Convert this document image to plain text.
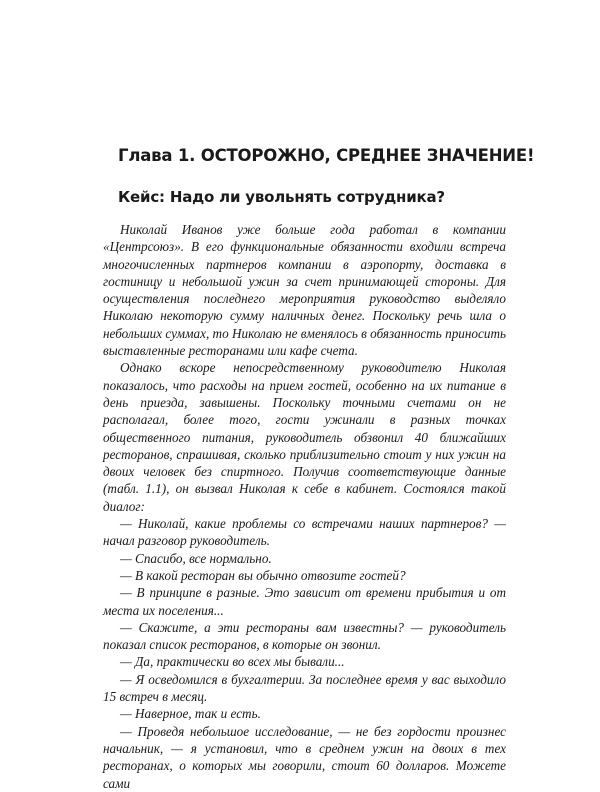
Глава 1. ОСТОРОЖНО, СРЕДНЕЕ ЗНАЧЕНИЕ!
Кейс: Надо ли увольнять сотрудника?

Николай Иванов уже больше года работал в компании «Центрсоюз». В его функциональные обязанности входили встреча многочисленных партнеров компании в аэропорту, доставка в гостиницу и небольшой ужин за счет принимающей стороны. Для осуществления последнего мероприятия руководство выделяло Николаю некоторую сумму наличных денег. Поскольку речь шла о небольших суммах, то Николаю не вменялось в обязанность приносить выставленные ресторанами или кафе счета.

Однако вскоре непосредственному руководителю Николая показалось, что расходы на прием гостей, особенно на их питание в день приезда, завышены. Поскольку точными счетами он не располагал, более того, гости ужинали в разных точках общественного питания, руководитель обзвонил 40 ближайших ресторанов, спрашивая, сколько приблизительно стоит у них ужин на двоих человек без спиртного. Получив соответствующие данные (табл. 1.1), он вызвал Николая к себе в кабинет. Состоялся такой диалог:

— Николай, какие проблемы со встречами наших партнеров? — начал разговор руководитель.

— Спасибо, все нормально.

— В какой ресторан вы обычно отвозите гостей?

— В принципе в разные. Это зависит от времени прибытия и от места их поселения...

— Скажите, а эти рестораны вам известны? — руководитель показал список ресторанов, в которые он звонил.

— Да, практически во всех мы бывали...

— Я осведомился в бухгалтерии. За последнее время у вас выходило 15 встреч в месяц.

— Наверное, так и есть.

— Проведя небольшое исследование, — не без гордости произнес начальник, — я установил, что в среднем ужин на двоих в тех ресторанах, о которых мы говорили, стоит 60 долларов. Можете сами
